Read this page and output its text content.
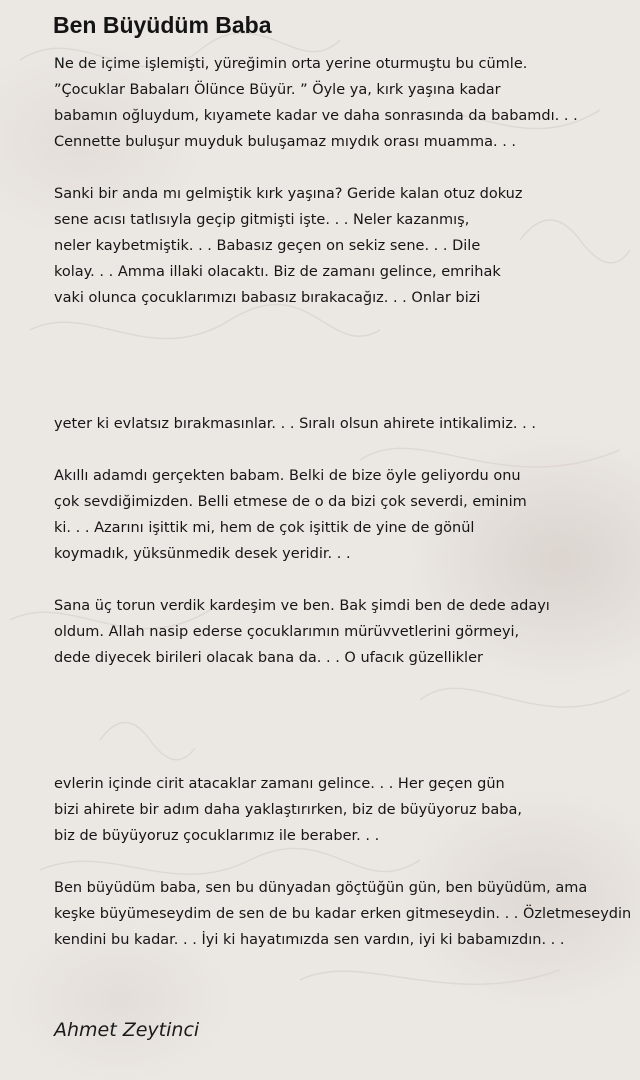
Ben Büyüdüm Baba
Ne de içime işlemişti, yüreğimin orta yerine oturmuştu bu cümle.
”Çocuklar Babaları Ölünce Büyür. ” Öyle ya, kırk yaşına kadar
babamın oğluydum, kıyamete kadar ve daha sonrasında da babamdı. . .
Cennette buluşur muyduk buluşamaz mıydık orası muamma. . .
Sanki bir anda mı gelmiştik kırk yaşına? Geride kalan otuz dokuz
sene acısı tatlısıyla geçip gitmişti işte. . . Neler kazanmış,
neler kaybetmiştik. . . Babasız geçen on sekiz sene. . . Dile
kolay. . . Amma illaki olacaktı. Biz de zamanı gelince, emrihak
vaki olunca çocuklarımızı babasız bırakacağız. . . Onlar bizi
yeter ki evlatsız bırakmasınlar. . . Sıralı olsun ahirete intikalimiz. . .
Akıllı adamdı gerçekten babam. Belki de bize öyle geliyordu onu
çok sevdiğimizden. Belli etmese de o da bizi çok severdi, eminim
ki. . . Azarını işittik mi, hem de çok işittik de yine de gönül
koymadık, yüksünmedik desek yeridir. . .
Sana üç torun verdik kardeşim ve ben. Bak şimdi ben de dede adayı
oldum. Allah nasip ederse çocuklarımın mürüvvetlerini görmeyi,
dede diyecek birileri olacak bana da. . . O ufacık güzellikler
evlerin içinde cirit atacaklar zamanı gelince. . . Her geçen gün
bizi ahirete bir adım daha yaklaştırırken, biz de büyüyoruz baba,
biz de büyüyoruz çocuklarımız ile beraber. . .
Ben büyüdüm baba, sen bu dünyadan göçtüğün gün, ben büyüdüm, ama
keşke büyümeseydim de sen de bu kadar erken gitmeseydin. . . Özletmeseydin
kendini bu kadar. . . İyi ki hayatımızda sen vardın, iyi ki babamızdın. . .

Ahmet Zeytinci
